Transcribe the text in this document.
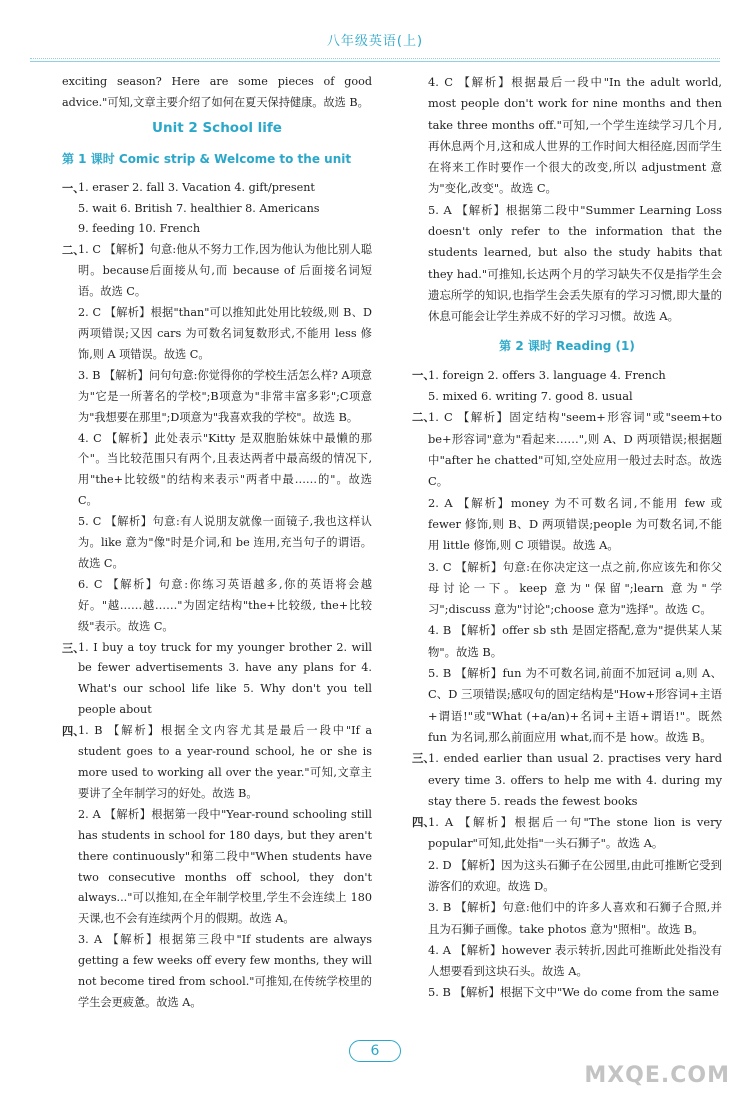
八年级英语(上)

exciting season? Here are some pieces of good advice."可知,文章主要介绍了如何在夏天保持健康。故选 B。

Unit 2 School life
第 1 课时 Comic strip & Welcome to the unit
一、
1. eraser 2. fall 3. Vacation 4. gift/present
5. wait 6. British 7. healthier 8. Americans
9. feeding 10. French
二、
1. C 【解析】句意:他从不努力工作,因为他认为他比别人聪明。because后面接从句,而 because of 后面接名词短语。故选 C。
2. C 【解析】根据"than"可以推知此处用比较级,则 B、D 两项错误;又因 cars 为可数名词复数形式,不能用 less 修饰,则 A 项错误。故选 C。
3. B 【解析】问句句意:你觉得你的学校生活怎么样? A项意为"它是一所著名的学校";B项意为"非常丰富多彩";C项意为"我想要在那里";D项意为"我喜欢我的学校"。故选 B。
4. C 【解析】此处表示"Kitty 是双胞胎妹妹中最懒的那个"。当比较范围只有两个,且表达两者中最高级的情况下,用"the+比较级"的结构来表示"两者中最……的"。故选 C。
5. C 【解析】句意:有人说朋友就像一面镜子,我也这样认为。like 意为"像"时是介词,和 be 连用,充当句子的谓语。故选 C。
6. C 【解析】句意:你练习英语越多,你的英语将会越好。"越……越……"为固定结构"the+比较级, the+比较级"表示。故选 C。
三、
1. I buy a toy truck for my younger brother 2. will be fewer advertisements 3. have any plans for 4. What's our school life like 5. Why don't you tell people about
四、
1. B 【解析】根据全文内容尤其是最后一段中"If a student goes to a year-round school, he or she is more used to working all over the year."可知,文章主要讲了全年制学习的好处。故选 B。
2. A 【解析】根据第一段中"Year-round schooling still has students in school for 180 days, but they aren't there continuously"和第二段中"When students have two consecutive months off school, they don't always..."可以推知,在全年制学校里,学生不会连续上 180 天课,也不会有连续两个月的假期。故选 A。
3. A 【解析】根据第三段中"If students are always getting a few weeks off every few months, they will not become tired from school."可推知,在传统学校里的学生会更疲惫。故选 A。
4. C 【解析】根据最后一段中"In the adult world, most people don't work for nine months and then take three months off."可知,一个学生连续学习几个月,再休息两个月,这和成人世界的工作时间大相径庭,因而学生在将来工作时要作一个很大的改变,所以 adjustment 意为"变化,改变"。故选 C。
5. A 【解析】根据第二段中"Summer Learning Loss doesn't only refer to the information that the students learned, but also the study habits that they had."可推知,长达两个月的学习缺失不仅是指学生会遗忘所学的知识,也指学生会丢失原有的学习习惯,即大量的休息可能会让学生养成不好的学习习惯。故选 A。
第 2 课时 Reading (1)
一、
1. foreign 2. offers 3. language 4. French
5. mixed 6. writing 7. good 8. usual
二、
1. C 【解析】固定结构"seem+形容词"或"seem+to be+形容词"意为"看起来……",则 A、D 两项错误;根据题中"after he chatted"可知,空处应用一般过去时态。故选 C。
2. A 【解析】money 为不可数名词,不能用 few 或 fewer 修饰,则 B、D 两项错误;people 为可数名词,不能用 little 修饰,则 C 项错误。故选 A。
3. C 【解析】句意:在你决定这一点之前,你应该先和你父母讨论一下。keep 意为"保留";learn 意为"学习";discuss 意为"讨论";choose 意为"选择"。故选 C。
4. B 【解析】offer sb sth 是固定搭配,意为"提供某人某物"。故选 B。
5. B 【解析】fun 为不可数名词,前面不加冠词 a,则 A、C、D 三项错误;感叹句的固定结构是"How+形容词+主语+谓语!"或"What (+a/an)+名词+主语+谓语!"。既然 fun 为名词,那么前面应用 what,而不是 how。故选 B。
三、
1. ended earlier than usual 2. practises very hard every time 3. offers to help me with 4. during my stay there 5. reads the fewest books
四、
1. A 【解析】根据后一句"The stone lion is very popular"可知,此处指"一头石狮子"。故选 A。
2. D 【解析】因为这头石狮子在公园里,由此可推断它受到游客们的欢迎。故选 D。
3. B 【解析】句意:他们中的许多人喜欢和石狮子合照,并且为石狮子画像。take photos 意为"照相"。故选 B。
4. A 【解析】however 表示转折,因此可推断此处指没有人想要看到这块石头。故选 A。
5. B 【解析】根据下文中"We do come from the same
6
MXQE.COM
